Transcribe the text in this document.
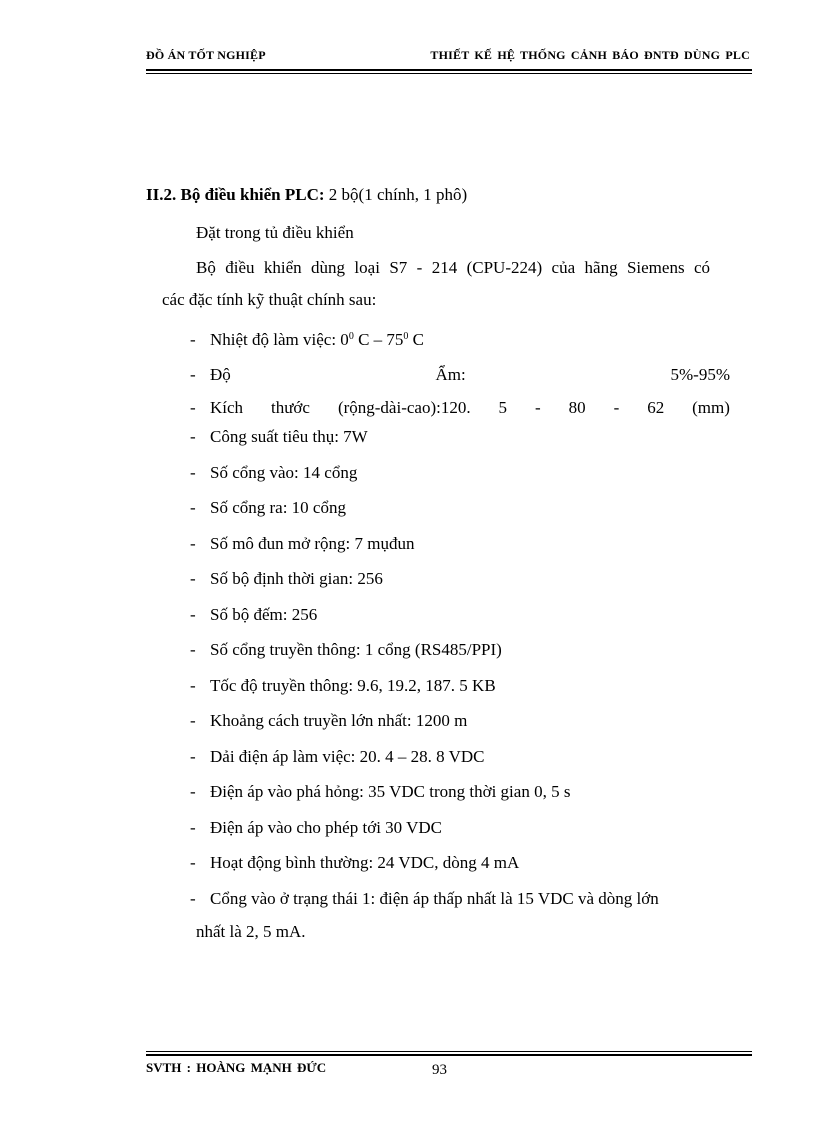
ĐỒ ÁN TỐT NGHIỆP	THIẾT KẾ HỆ THỐNG CẢNH BÁO ĐNTĐ DÙNG PLC
II.2. Bộ điều khiển PLC: 2 bộ(1 chính, 1 phô)
Đặt trong tủ điều khiển
Bộ điều khiển dùng loại S7 - 214 (CPU-224) của hãng Siemens có
các đặc tính kỹ thuật chính sau:
- Nhiệt độ làm việc: $0^0$ C – $75^0$ C
- Độ	Ẩm:	5%-95%
- Kích thước (rộng-dài-cao):120. 5 - 80 - 62 (mm)
- Công suất tiêu thụ: 7W
- Số cổng vào: 14 cổng
- Số cổng ra: 10 cổng
- Số mô đun mở rộng: 7 mụđun
- Số bộ định thời gian: 256
- Số bộ đếm: 256
- Số cổng truyền thông: 1 cổng (RS485/PPI)
- Tốc độ truyền thông: 9.6, 19.2, 187. 5 KB
- Khoảng cách truyền lớn nhất: 1200 m
- Dải điện áp làm việc: 20. 4 – 28. 8 VDC
- Điện áp vào phá hỏng: 35 VDC trong thời gian 0, 5 s
- Điện áp vào cho phép tới 30 VDC
- Hoạt động bình thường: 24 VDC, dòng 4 mA
- Cổng vào ở trạng thái 1: điện áp thấp nhất là 15 VDC và dòng lớn
nhất là 2, 5 mA.
SVTH : HOÀNG MẠNH ĐỨC	93
